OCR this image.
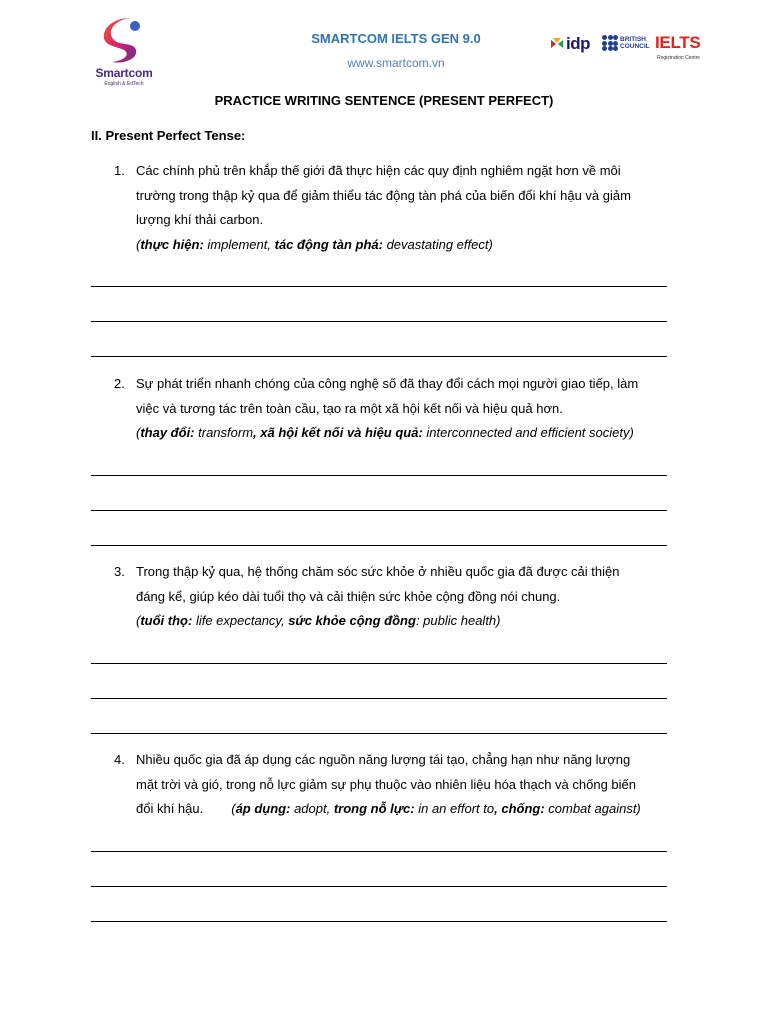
Smartcom
English & EdTech
SMARTCOM IELTS GEN 9.0
www.smartcom.vn
idp	BRITISH
COUNCIL IELTS
Registration Centre
PRACTICE WRITING SENTENCE (PRESENT PERFECT)
II. Present Perfect Tense:
1. Các chính phủ trên khắp thế giới đã thực hiện các quy định nghiêm ngặt hơn về môi
trường trong thập kỷ qua để giảm thiểu tác động tàn phá của biến đổi khí hậu và giảm
lượng khí thải carbon.
(thực hiện: implement, tác động tàn phá: devastating effect)
2. Sự phát triển nhanh chóng của công nghệ số đã thay đổi cách mọi người giao tiếp, làm
việc và tương tác trên toàn cầu, tạo ra một xã hội kết nối và hiệu quả hơn.
(thay đổi: transform, xã hội kết nối và hiệu quả: interconnected and efficient society)
3. Trong thập kỷ qua, hệ thống chăm sóc sức khỏe ở nhiều quốc gia đã được cải thiện
đáng kể, giúp kéo dài tuổi thọ và cải thiện sức khỏe cộng đồng nói chung.
(tuổi thọ: life expectancy, sức khỏe cộng đồng: public health)
4. Nhiều quốc gia đã áp dụng các nguồn năng lượng tái tạo, chẳng hạn như năng lượng
mặt trời và gió, trong nỗ lực giảm sự phụ thuộc vào nhiên liệu hóa thạch và chống biến
đổi khí hậu. (áp dụng: adopt, trong nỗ lực: in an effort to, chống: combat against)
